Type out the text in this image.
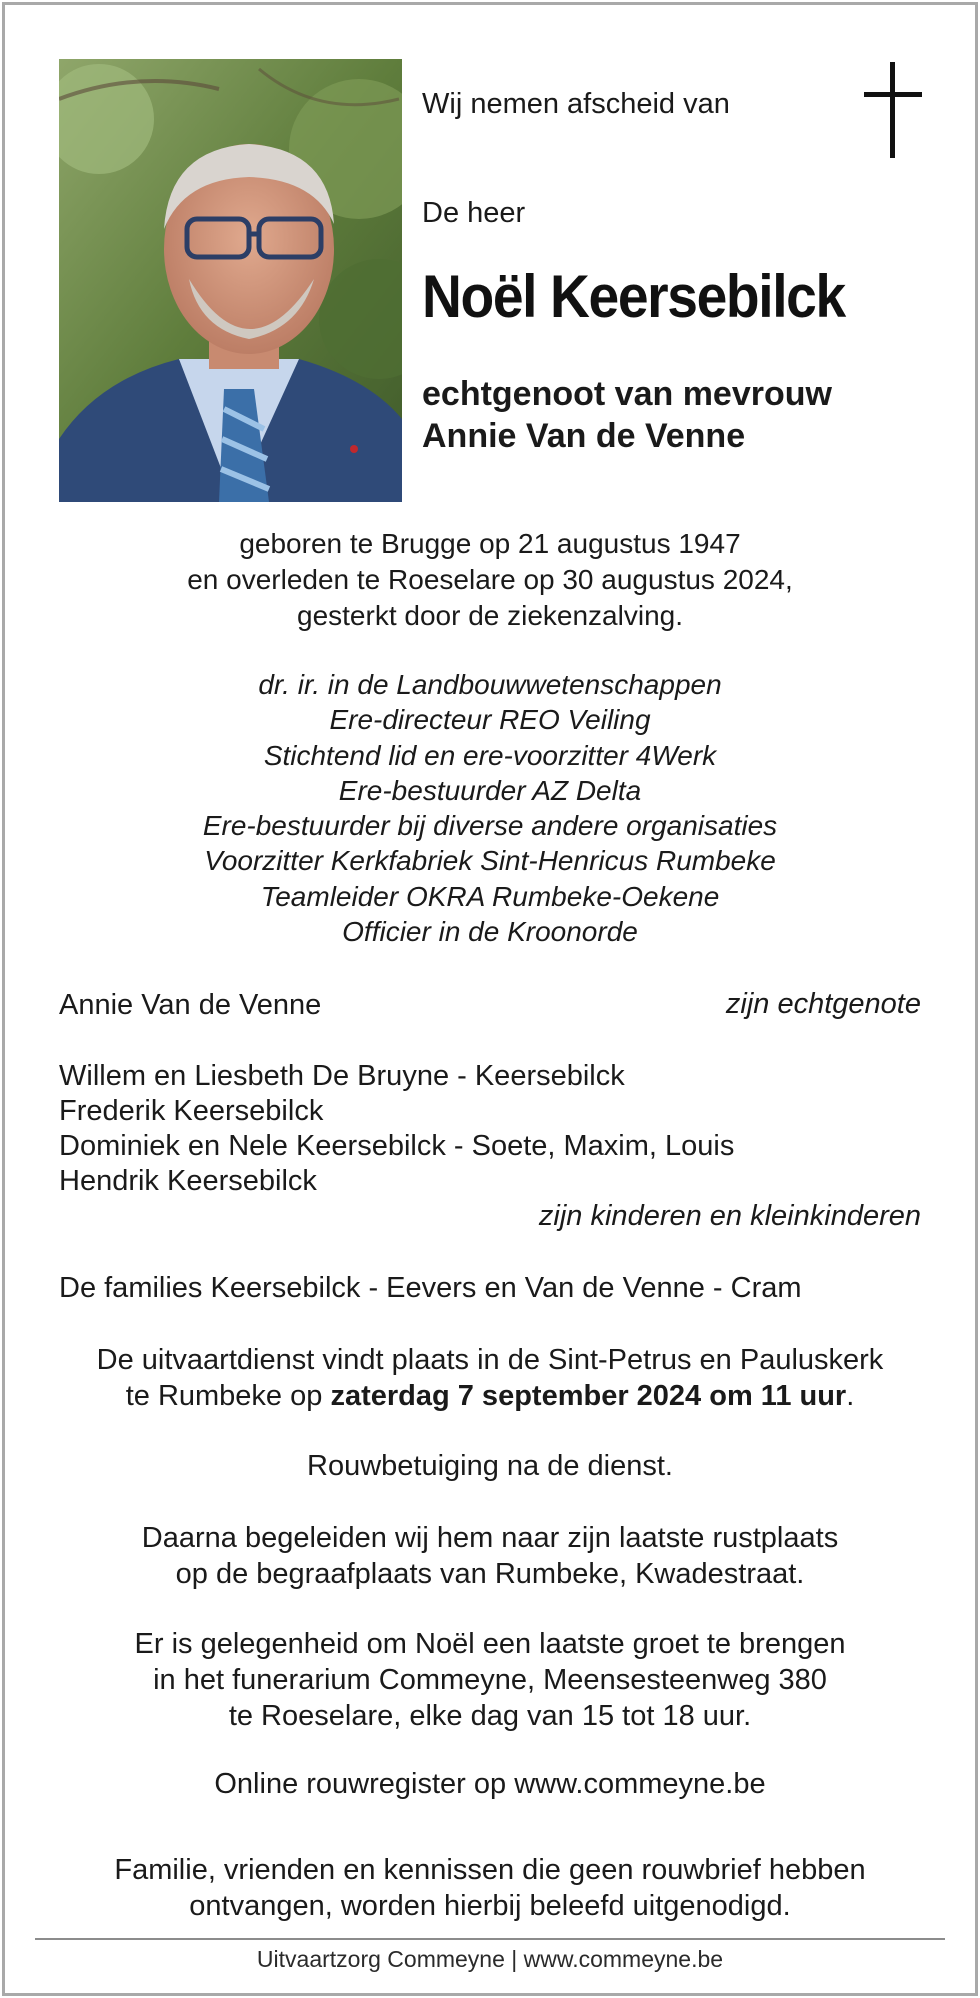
Wij nemen afscheid van
De heer
Noël Keersebilck
echtgenoot van mevrouw
Annie Van de Venne
geboren te Brugge op 21 augustus 1947
en overleden te Roeselare op 30 augustus 2024,
gesterkt door de ziekenzalving.
dr. ir. in de Landbouwwetenschappen
Ere-directeur REO Veiling
Stichtend lid en ere-voorzitter 4Werk
Ere-bestuurder AZ Delta
Ere-bestuurder bij diverse andere organisaties
Voorzitter Kerkfabriek Sint-Henricus Rumbeke
Teamleider OKRA Rumbeke-Oekene
Officier in de Kroonorde
Annie Van de Venne	zijn echtgenote
Willem en Liesbeth De Bruyne - Keersebilck
Frederik Keersebilck
Dominiek en Nele Keersebilck - Soete, Maxim, Louis
Hendrik Keersebilck
zijn kinderen en kleinkinderen
De families Keersebilck - Eevers en Van de Venne - Cram
De uitvaartdienst vindt plaats in de Sint-Petrus en Pauluskerk
te Rumbeke op zaterdag 7 september 2024 om 11 uur.
Rouwbetuiging na de dienst.
Daarna begeleiden wij hem naar zijn laatste rustplaats
op de begraafplaats van Rumbeke, Kwadestraat.
Er is gelegenheid om Noël een laatste groet te brengen
in het funerarium Commeyne, Meensesteenweg 380
te Roeselare, elke dag van 15 tot 18 uur.
Online rouwregister op www.commeyne.be
Familie, vrienden en kennissen die geen rouwbrief hebben
ontvangen, worden hierbij beleefd uitgenodigd.
Uitvaartzorg Commeyne | www.commeyne.be
